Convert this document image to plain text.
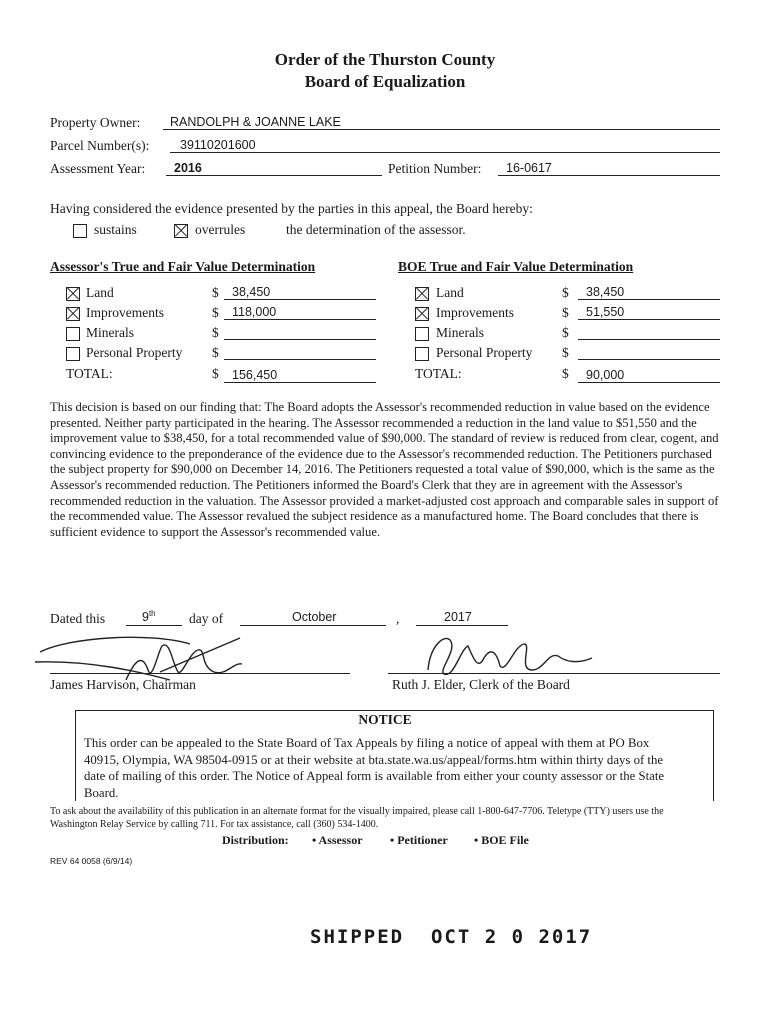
Order of the Thurston County
Board of Equalization
Property Owner: RANDOLPH & JOANNE LAKE
Parcel Number(s): 39110201600
Assessment Year: 2016	Petition Number: 16-0617
Having considered the evidence presented by the parties in this appeal, the Board hereby:
sustains	overrules	the determination of the assessor.
Assessor's True and Fair Value Determination	BOE True and Fair Value Determination
Land	$ 38,450
Improvements	$ 118,000
Minerals	$
Personal Property $
TOTAL:	$ 156,450
Land	$ 38,450
Improvements	$ 51,550
Minerals	$
Personal Property $
TOTAL:	$ 90,000
This decision is based on our finding that: The Board adopts the Assessor's recommended reduction in value based on the evidence presented. Neither party participated in the hearing. The Assessor recommended a reduction in the land value to $51,550 and the improvement value to $38,450, for a total recommended value of $90,000. The standard of review is reduced from clear, cogent, and convincing evidence to the preponderance of the evidence due to the Assessor's recommended reduction. The Petitioners purchased the subject property for $90,000 on December 14, 2016. The Petitioners requested a total value of $90,000, which is the same as the Assessor's recommended reduction. The Petitioners informed the Board's Clerk that they are in agreement with the Assessor's recommended reduction in the valuation. The Assessor provided a market-adjusted cost approach and comparable sales in support of the recommended value. The Assessor revalued the subject residence as a manufactured home. The Board concludes that there is sufficient evidence to support the Assessor's recommended value.
Dated this	9th day of	October	,	2017
James Harvison, Chairman	Ruth J. Elder, Clerk of the Board
NOTICE
This order can be appealed to the State Board of Tax Appeals by filing a notice of appeal with them at PO Box 40915, Olympia, WA 98504-0915 or at their website at bta.state.wa.us/appeal/forms.htm within thirty days of the date of mailing of this order. The Notice of Appeal form is available from either your county assessor or the State Board.
To ask about the availability of this publication in an alternate format for the visually impaired, please call 1-800-647-7706. Teletype (TTY) users use the Washington Relay Service by calling 711. For tax assistance, call (360) 534-1400.
Distribution: • Assessor • Petitioner • BOE File
REV 64 0058 (6/9/14)
SHIPPED  OCT 2 0 2017
